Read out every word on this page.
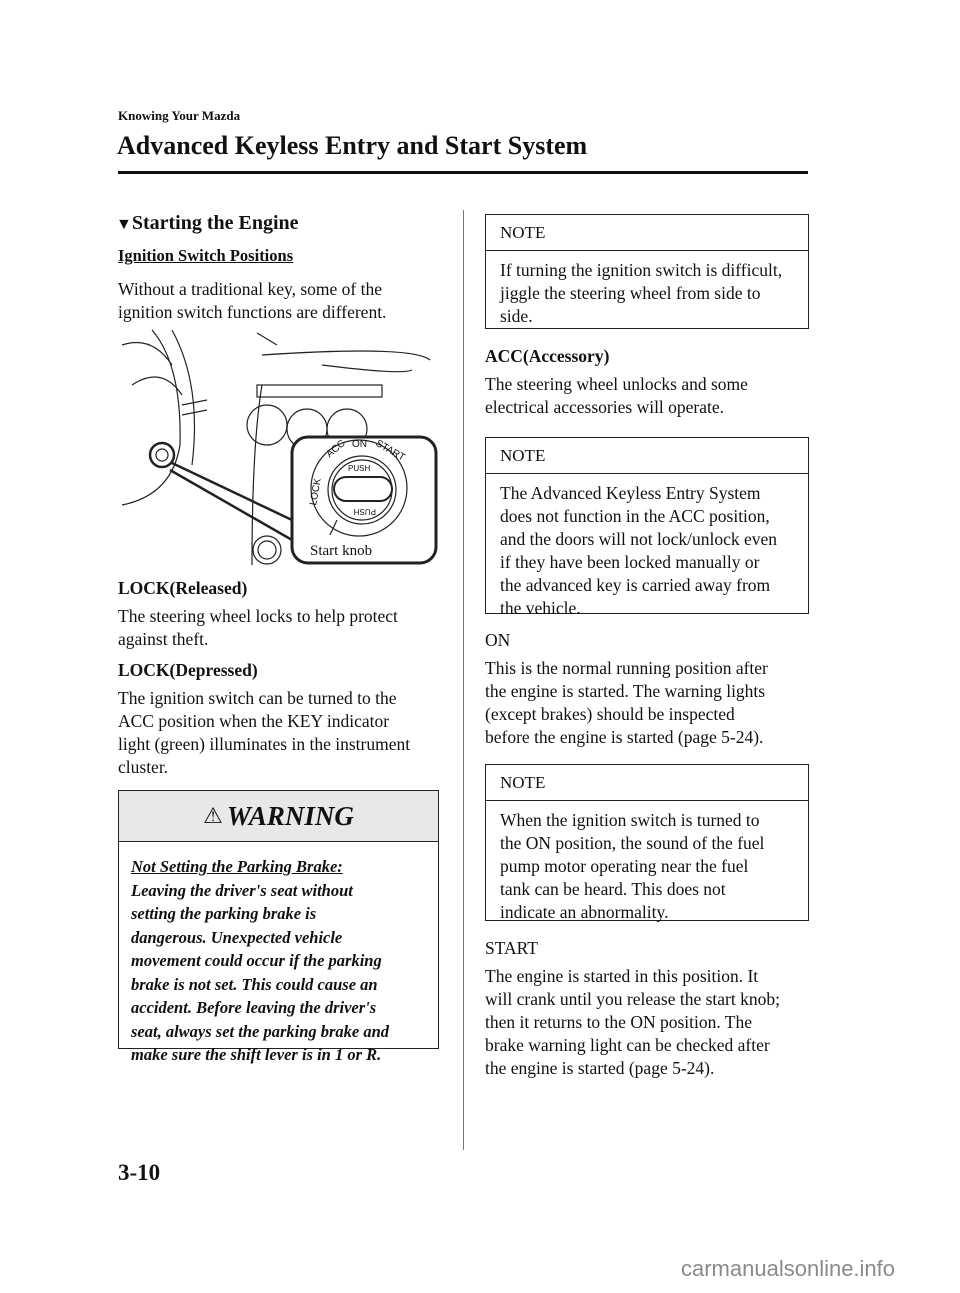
Knowing Your Mazda
Advanced Keyless Entry and Start System
▼Starting the Engine
Ignition Switch Positions
Without a traditional key, some of the
ignition switch functions are different.
LOCK
ACC ON START
PUSH
PUSH
Start knob
LOCK(Released)
The steering wheel locks to help protect
against theft.
LOCK(Depressed)
The ignition switch can be turned to the
ACC position when the KEY indicator
light (green) illuminates in the instrument
cluster.
⚠ WARNING
Not Setting the Parking Brake:
Leaving the driver's seat without
setting the parking brake is
dangerous. Unexpected vehicle
movement could occur if the parking
brake is not set. This could cause an
accident. Before leaving the driver's
seat, always set the parking brake and
make sure the shift lever is in 1 or R.
NOTE
If turning the ignition switch is difficult,
jiggle the steering wheel from side to
side.
ACC(Accessory)
The steering wheel unlocks and some
electrical accessories will operate.
NOTE
The Advanced Keyless Entry System
does not function in the ACC position,
and the doors will not lock/unlock even
if they have been locked manually or
the advanced key is carried away from
the vehicle.
ON
This is the normal running position after
the engine is started. The warning lights
(except brakes) should be inspected
before the engine is started (page 5-24).
NOTE
When the ignition switch is turned to
the ON position, the sound of the fuel
pump motor operating near the fuel
tank can be heard. This does not
indicate an abnormality.
START
The engine is started in this position. It
will crank until you release the start knob;
then it returns to the ON position. The
brake warning light can be checked after
the engine is started (page 5-24).
3-10
carmanualsonline.info
